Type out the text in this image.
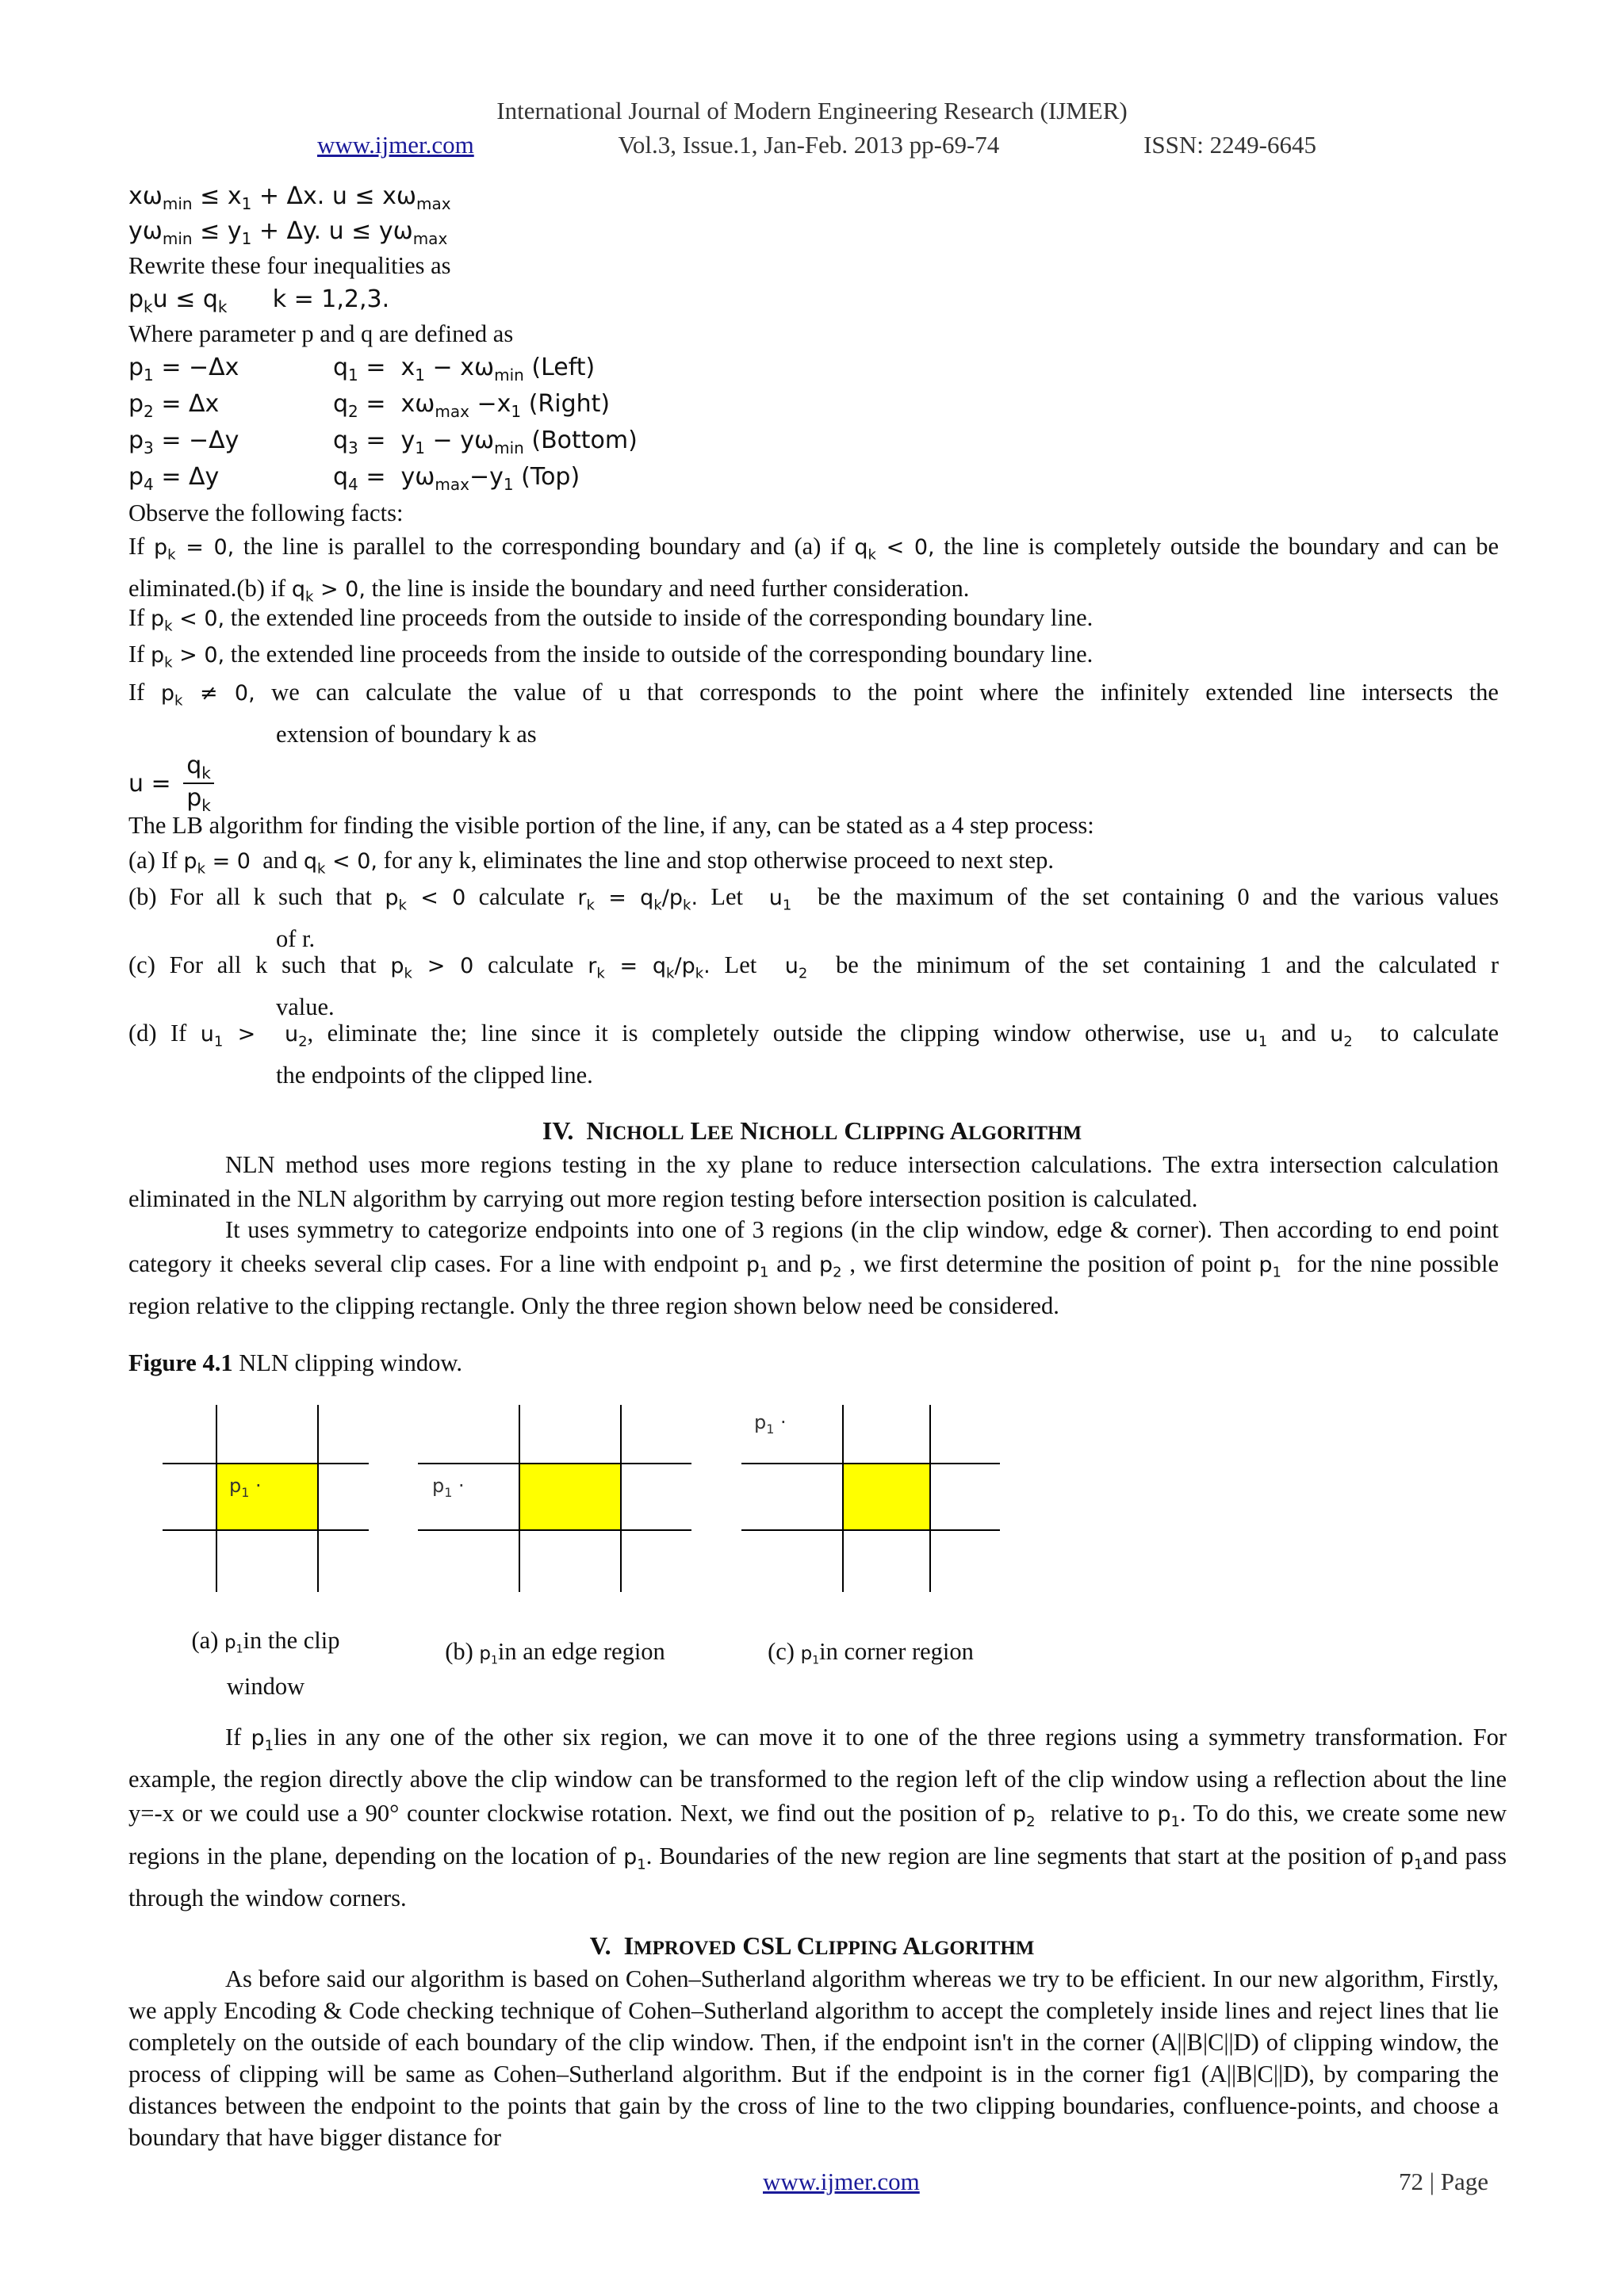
International Journal of Modern Engineering Research (IJMER)
www.ijmer.com	Vol.3, Issue.1, Jan-Feb. 2013 pp-69-74	ISSN: 2249-6645
$x\omega_{min} \le x_1 + \Delta x$. $u \le x\omega_{max}$
$y\omega_{min} \le y_1 + \Delta y$. $u \le y\omega_{max}$
Rewrite these four inequalities as
$p_ku \le q_k$      k = 1,2,3.
Where parameter p and q are defined as
$p_1 = -\Delta x$	$q_1 = x_1 - x\omega_{min}$ (Left)
$p_2 = \Delta x$	$q_2 = x\omega_{max} -x_1$ (Right)
$p_3 = -\Delta y$	$q_3 = y_1 - y\omega_{min}$ (Bottom)
$p_4 = \Delta y$	$q_4 = y\omega_{max}-y_1$ (Top)
Observe the following facts:
If $p_k = 0$, the line is parallel to the corresponding boundary and (a) if $q_k < 0$, the line is completely outside the boundary and can be eliminated.(b) if $q_k > 0$, the line is inside the boundary and need further consideration.
If $p_k < 0$, the extended line proceeds from the outside to inside of the corresponding boundary line.
If $p_k > 0$, the extended line proceeds from the inside to outside of the corresponding boundary line.
If $p_k \ne 0$, we can calculate the value of u that corresponds to the point where the infinitely extended line intersects the
extension of boundary k as
$u = \frac{q_k}{p_k}$
The LB algorithm for finding the visible portion of the line, if any, can be stated as a 4 step process:
(a) If $p_k = 0$  and $q_k < 0$, for any k, eliminates the line and stop otherwise proceed to next step.
(b) For all k such that $p_k < 0$ calculate $r_k = q_k/p_k$. Let  $u_1$  be the maximum of the set containing 0 and the various values
of r.
(c) For all k such that $p_k > 0$ calculate $r_k = q_k/p_k$. Let  $u_2$  be the minimum of the set containing 1 and the calculated r
value.
(d) If $u_1 > u_2$, eliminate the; line since it is completely outside the clipping window otherwise, use $u_1$ and $u_2$  to calculate
the endpoints of the clipped line.
IV. NICHOLL LEE NICHOLL CLIPPING ALGORITHM
NLN method uses more regions testing in the xy plane to reduce intersection calculations. The extra intersection calculation eliminated in the NLN algorithm by carrying out more region testing before intersection position is calculated.
It uses symmetry to categorize endpoints into one of 3 regions (in the clip window, edge & corner). Then according to end point category it cheeks several clip cases. For a line with endpoint $p_1$ and $p_2$ , we first determine the position of point $p_1$  for the nine possible region relative to the clipping rectangle. Only the three region shown below need be considered.
Figure 4.1 NLN clipping window.
$p_1$ ·	$p_1$ ·
$p_1$ ·
(a) $p_1in$ the clip
window
(b) $p_1in$ an edge region	(c) $p_1in$ corner region
If $p_1lies$ in any one of the other six region, we can move it to one of the three regions using a symmetry transformation. For example, the region directly above the clip window can be transformed to the region left of the clip window using a reflection about the line y=-x or we could use a 90° counter clockwise rotation. Next, we find out the position of $p_2$  relative to $p_1$. To do this, we create some new regions in the plane, depending on the location of $p_1$. Boundaries of the new region are line segments that start at the position of $p_1and$ pass through the window corners.
V. IMPROVED CSL CLIPPING ALGORITHM
As before said our algorithm is based on Cohen–Sutherland algorithm whereas we try to be efficient. In our new algorithm, Firstly, we apply Encoding & Code checking technique of Cohen–Sutherland algorithm to accept the completely inside lines and reject lines that lie completely on the outside of each boundary of the clip window. Then, if the endpoint isn't in the corner (A||B|C||D) of clipping window, the process of clipping will be same as Cohen–Sutherland algorithm. But if the endpoint is in the corner fig1 (A||B|C||D), by comparing the distances between the endpoint to the points that gain by the cross of line to the two clipping boundaries, confluence-points, and choose a boundary that have bigger distance for
www.ijmer.com	72 | Page
